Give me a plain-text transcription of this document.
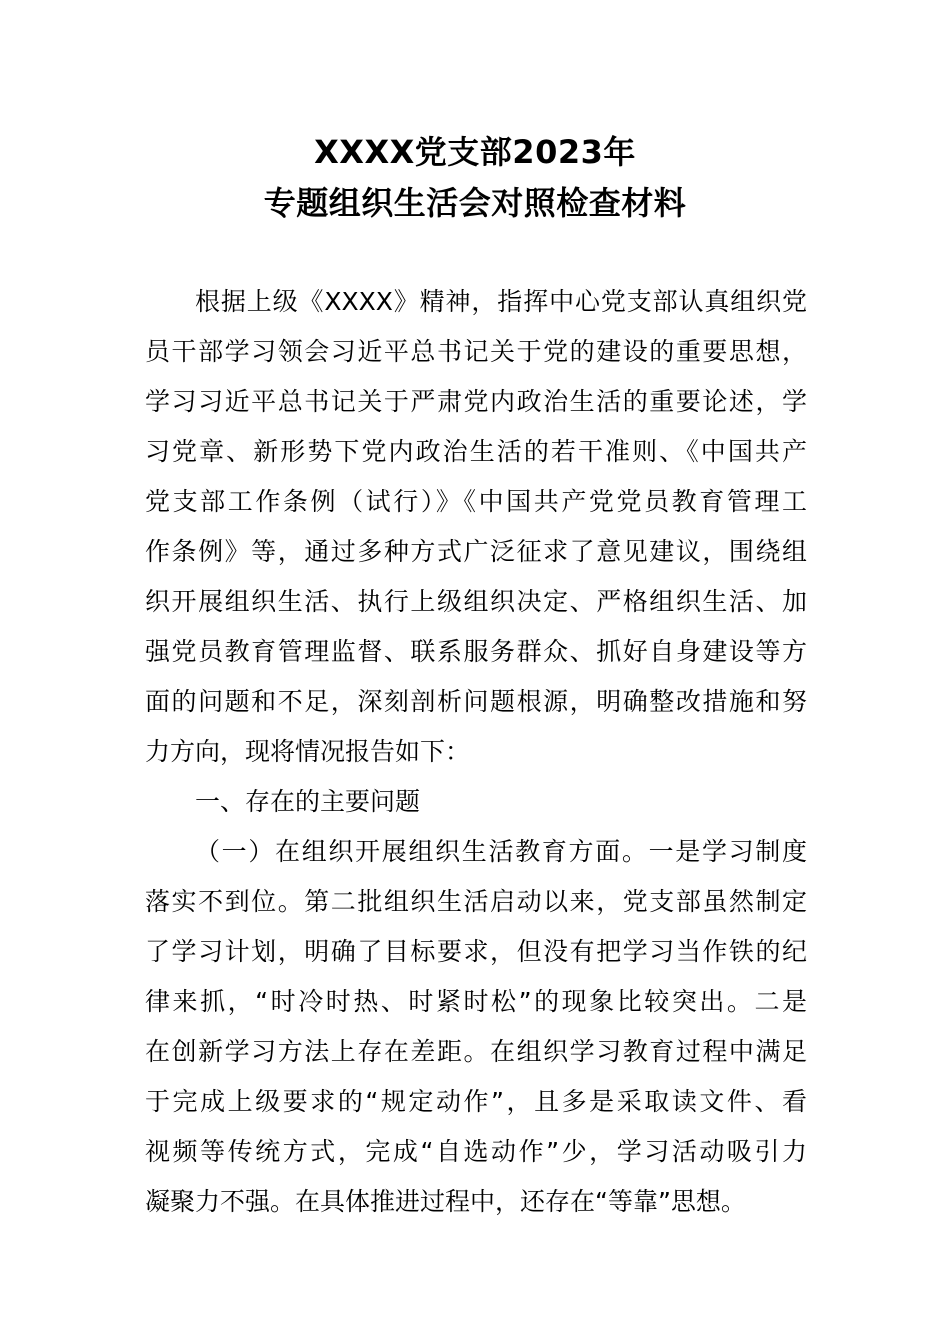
XXXX党支部2023年
专题组织生活会对照检查材料
根据上级《XXXX》精神，指挥中心党支部认真组织党
员干部学习领会习近平总书记关于党的建设的重要思想，
学习习近平总书记关于严肃党内政治生活的重要论述，学
习党章、新形势下党内政治生活的若干准则、《中国共产
党支部工作条例（试行）》《中国共产党党员教育管理工
作条例》等，通过多种方式广泛征求了意见建议，围绕组
织开展组织生活、执行上级组织决定、严格组织生活、加
强党员教育管理监督、联系服务群众、抓好自身建设等方
面的问题和不足，深刻剖析问题根源，明确整改措施和努
力方向，现将情况报告如下：
一、存在的主要问题
（一）在组织开展组织生活教育方面。一是学习制度
落实不到位。第二批组织生活启动以来，党支部虽然制定
了学习计划，明确了目标要求，但没有把学习当作铁的纪
律来抓，“时冷时热、时紧时松”的现象比较突出。二是
在创新学习方法上存在差距。在组织学习教育过程中满足
于完成上级要求的“规定动作”，且多是采取读文件、看
视频等传统方式，完成“自选动作”少，学习活动吸引力
凝聚力不强。在具体推进过程中，还存在“等靠”思想。
